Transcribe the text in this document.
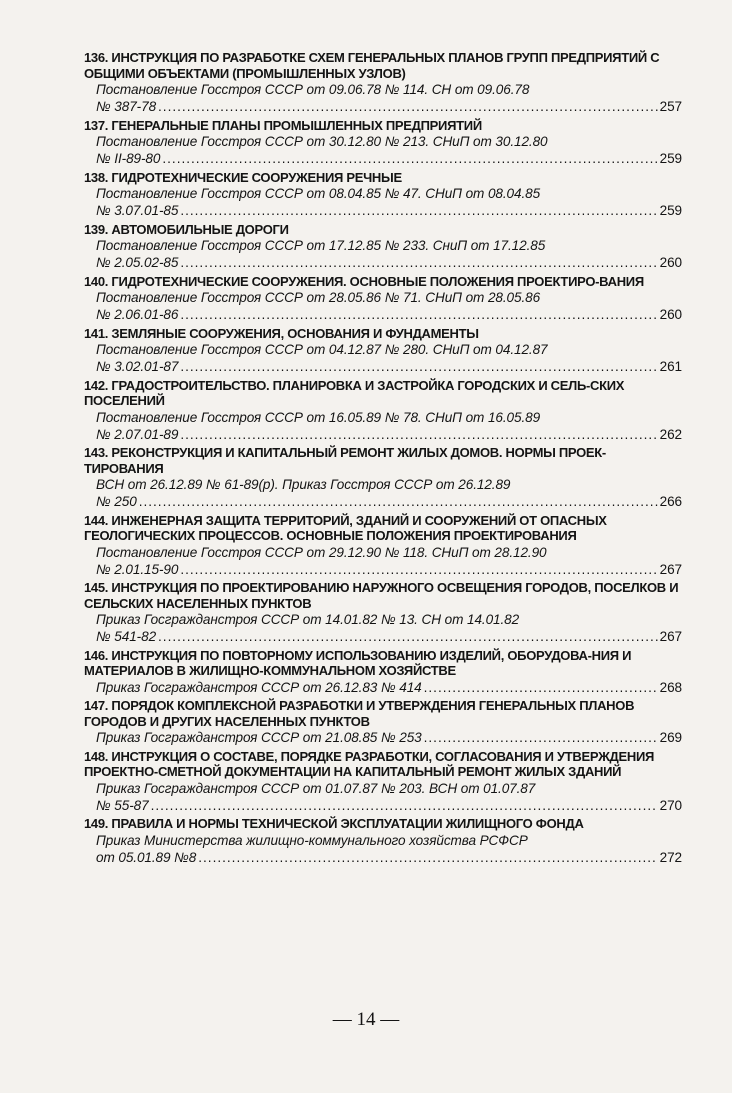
136. ИНСТРУКЦИЯ ПО РАЗРАБОТКЕ СХЕМ ГЕНЕРАЛЬНЫХ ПЛАНОВ ГРУПП ПРЕДПРИЯТИЙ С ОБЩИМИ ОБЪЕКТАМИ (ПРОМЫШЛЕННЫХ УЗЛОВ)
Постановление Госстроя СССР от 09.06.78 № 114. СН от 09.06.78
№ 387-78 .....	257
137. ГЕНЕРАЛЬНЫЕ ПЛАНЫ ПРОМЫШЛЕННЫХ ПРЕДПРИЯТИЙ
Постановление Госстроя СССР от 30.12.80 № 213. СНиП от 30.12.80
№ II-89-80 .....	259
138. ГИДРОТЕХНИЧЕСКИЕ СООРУЖЕНИЯ РЕЧНЫЕ
Постановление Госстроя СССР от 08.04.85 № 47. СНиП от 08.04.85
№ 3.07.01-85 .....	259
139. АВТОМОБИЛЬНЫЕ ДОРОГИ
Постановление Госстроя СССР от 17.12.85 № 233. СниП от 17.12.85
№ 2.05.02-85 .....	260
140. ГИДРОТЕХНИЧЕСКИЕ СООРУЖЕНИЯ. ОСНОВНЫЕ ПОЛОЖЕНИЯ ПРОЕКТИРО-ВАНИЯ
Постановление Госстроя СССР от 28.05.86 № 71. СНиП от 28.05.86
№ 2.06.01-86 .....	260
141. ЗЕМЛЯНЫЕ СООРУЖЕНИЯ, ОСНОВАНИЯ И ФУНДАМЕНТЫ
Постановление Госстроя СССР от 04.12.87 № 280. СНиП от 04.12.87
№ 3.02.01-87 .....	261
142. ГРАДОСТРОИТЕЛЬСТВО. ПЛАНИРОВКА И ЗАСТРОЙКА ГОРОДСКИХ И СЕЛЬ-СКИХ ПОСЕЛЕНИЙ
Постановление Госстроя СССР от 16.05.89 № 78. СНиП от 16.05.89
№ 2.07.01-89 .....	262
143. РЕКОНСТРУКЦИЯ И КАПИТАЛЬНЫЙ РЕМОНТ ЖИЛЫХ ДОМОВ. НОРМЫ ПРОЕК-ТИРОВАНИЯ
ВСН от 26.12.89 № 61-89(р). Приказ Госстроя СССР от 26.12.89
№ 250 .....	266
144. ИНЖЕНЕРНАЯ ЗАЩИТА ТЕРРИТОРИЙ, ЗДАНИЙ И СООРУЖЕНИЙ ОТ ОПАСНЫХ ГЕОЛОГИЧЕСКИХ ПРОЦЕССОВ. ОСНОВНЫЕ ПОЛОЖЕНИЯ ПРОЕКТИРОВАНИЯ
Постановление Госстроя СССР от 29.12.90 № 118. СНиП от 28.12.90
№ 2.01.15-90 .....	267
145. ИНСТРУКЦИЯ ПО ПРОЕКТИРОВАНИЮ НАРУЖНОГО ОСВЕЩЕНИЯ ГОРОДОВ, ПОСЕЛКОВ И СЕЛЬСКИХ НАСЕЛЕННЫХ ПУНКТОВ
Приказ Госгражданстроя СССР от 14.01.82 № 13. СН от 14.01.82
№ 541-82 .....	267
146. ИНСТРУКЦИЯ ПО ПОВТОРНОМУ ИСПОЛЬЗОВАНИЮ ИЗДЕЛИЙ, ОБОРУДОВА-НИЯ И МАТЕРИАЛОВ В ЖИЛИЩНО-КОММУНАЛЬНОМ ХОЗЯЙСТВЕ
Приказ Госгражданстроя СССР от 26.12.83 № 414 .....	268
147. ПОРЯДОК КОМПЛЕКСНОЙ РАЗРАБОТКИ И УТВЕРЖДЕНИЯ ГЕНЕРАЛЬНЫХ ПЛАНОВ ГОРОДОВ И ДРУГИХ НАСЕЛЕННЫХ ПУНКТОВ
Приказ Госгражданстроя СССР от 21.08.85 № 253 .....	269
148. ИНСТРУКЦИЯ О СОСТАВЕ, ПОРЯДКЕ РАЗРАБОТКИ, СОГЛАСОВАНИЯ И УТВЕРЖДЕНИЯ ПРОЕКТНО-СМЕТНОЙ ДОКУМЕНТАЦИИ НА КАПИТАЛЬНЫЙ РЕМОНТ ЖИЛЫХ ЗДАНИЙ
Приказ Госгражданстроя СССР от 01.07.87 № 203. ВСН от 01.07.87
№ 55-87 .....	270
149. ПРАВИЛА И НОРМЫ ТЕХНИЧЕСКОЙ ЭКСПЛУАТАЦИИ ЖИЛИЩНОГО ФОНДА
Приказ Министерства жилищно-коммунального хозяйства РСФСР
от 05.01.89 №8 .....	272
— 14 —
